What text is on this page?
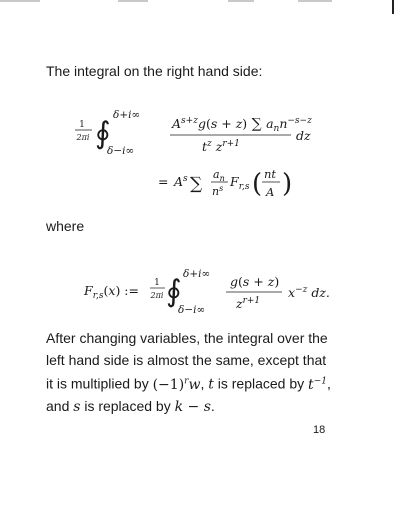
The integral on the right hand side:
1
2πi ∮
δ+i∞
δ−i∞
$A^{s+z}g(s + z)$ ∑ $a_nn^{-s-z}$
$t^z$ $z^{r+1}$
dz
= $A^s$ ∑ $a_n$
$n^s$ $F_{r,s}$ ( nt
A )
where
$F_{r,s}(x)$ := 1
2πi ∮ δ+i∞
δ−i∞
g(s + z)
$z^{r+1}$
$x^{-z}$ dz.
After changing variables, the integral over the
left hand side is almost the same, except that
it is multiplied by $(-1)^rw$, t is replaced by $t^{-1}$,
and s is replaced by k − s.
18
